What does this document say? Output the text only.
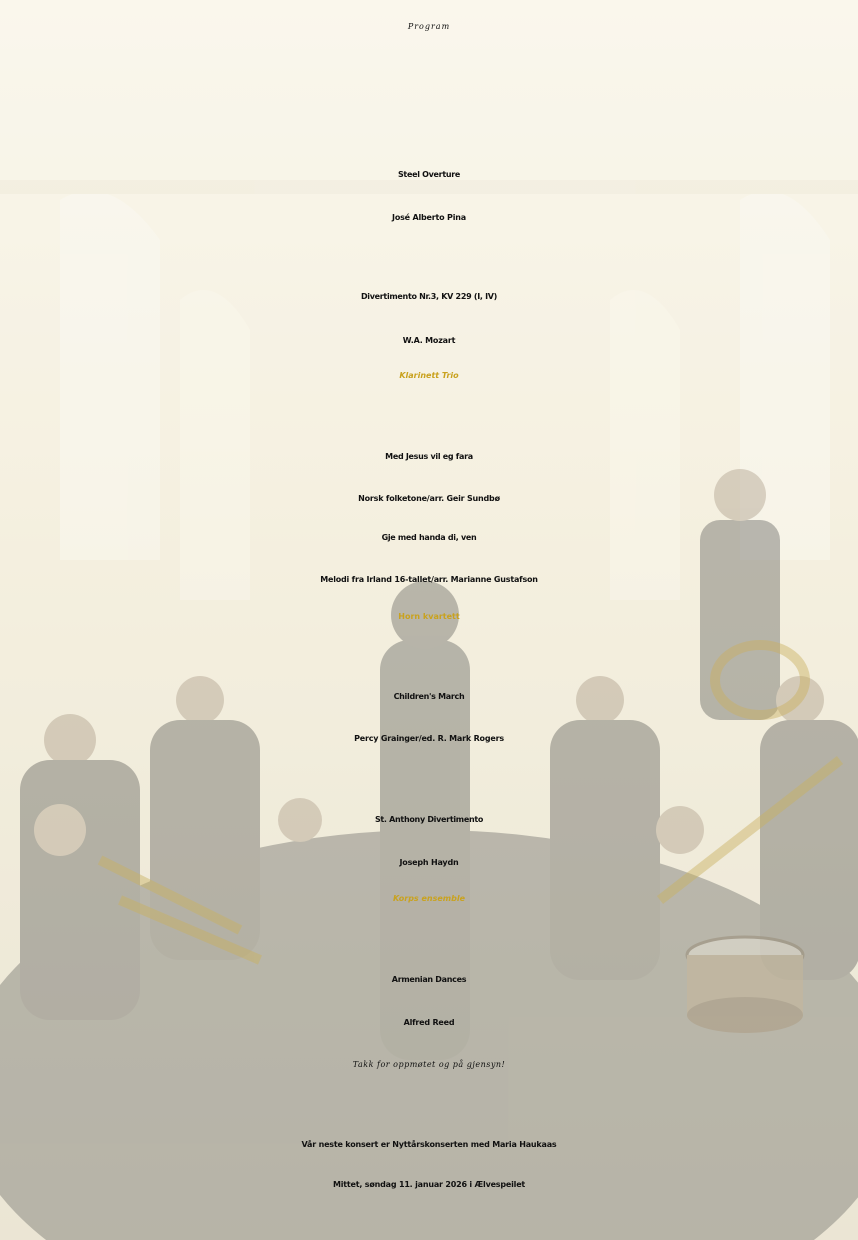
Program
Steel Overture
José Alberto Pina
Divertimento Nr.3, KV 229 (I, IV)
W.A. Mozart
Klarinett Trio
Med Jesus vil eg fara
Norsk folketone/arr. Geir Sundbø
Gje med handa di, ven
Melodi fra Irland 16-tallet/arr. Marianne Gustafson
Horn kvartett
Children's March
Percy Grainger/ed. R. Mark Rogers
St. Anthony Divertimento
Joseph Haydn
Korps ensemble
Armenian Dances
Alfred Reed
Takk for oppmøtet og på gjensyn!
Vår neste konsert er Nyttårskonserten med Maria Haukaas
Mittet, søndag 11. januar 2026 i Ælvespeilet
